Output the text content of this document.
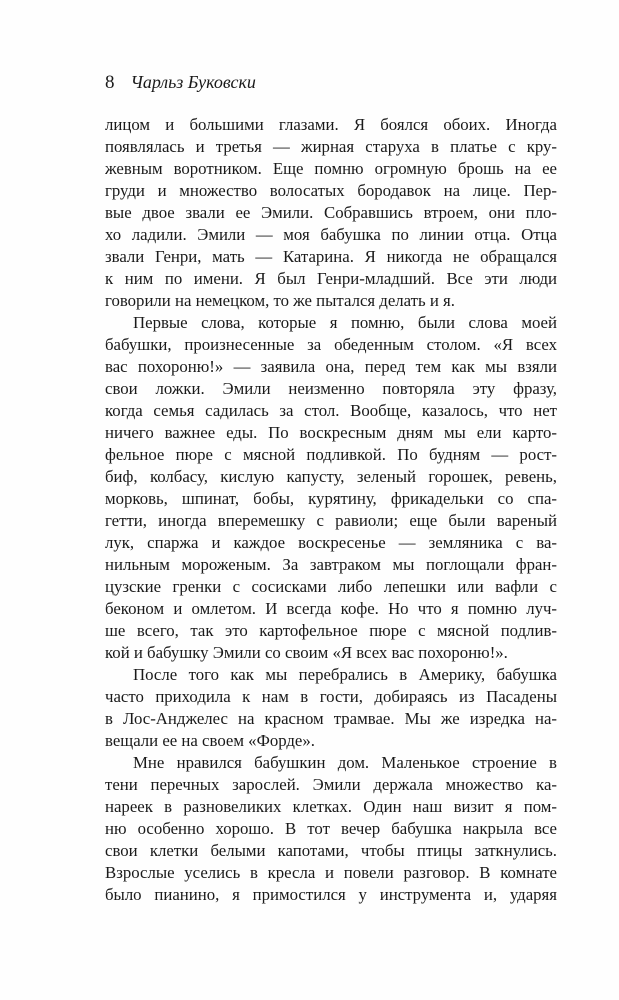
8 Чарльз Буковски
лицом и большими глазами. Я боялся обоих. Иногда
появлялась и третья — жирная старуха в платье с кру-
жевным воротником. Еще помню огромную брошь на ее
груди и множество волосатых бородавок на лице. Пер-
вые двое звали ее Эмили. Собравшись втроем, они пло-
хо ладили. Эмили — моя бабушка по линии отца. Отца
звали Генри, мать — Катарина. Я никогда не обращался
к ним по имени. Я был Генри-младший. Все эти люди
говорили на немецком, то же пытался делать и я.
Первые слова, которые я помню, были слова моей
бабушки, произнесенные за обеденным столом. «Я всех
вас похороню!» — заявила она, перед тем как мы взяли
свои ложки. Эмили неизменно повторяла эту фразу,
когда семья садилась за стол. Вообще, казалось, что нет
ничего важнее еды. По воскресным дням мы ели карто-
фельное пюре с мясной подливкой. По будням — рост-
биф, колбасу, кислую капусту, зеленый горошек, ревень,
морковь, шпинат, бобы, курятину, фрикадельки со спа-
гетти, иногда вперемешку с равиоли; еще были вареный
лук, спаржа и каждое воскресенье — земляника с ва-
нильным мороженым. За завтраком мы поглощали фран-
цузские гренки с сосисками либо лепешки или вафли с
беконом и омлетом. И всегда кофе. Но что я помню луч-
ше всего, так это картофельное пюре с мясной подлив-
кой и бабушку Эмили со своим «Я всех вас похороню!».
После того как мы перебрались в Америку, бабушка
часто приходила к нам в гости, добираясь из Пасадены
в Лос-Анджелес на красном трамвае. Мы же изредка на-
вещали ее на своем «Форде».
Мне нравился бабушкин дом. Маленькое строение в
тени перечных зарослей. Эмили держала множество ка-
нареек в разновеликих клетках. Один наш визит я пом-
ню особенно хорошо. В тот вечер бабушка накрыла все
свои клетки белыми капотами, чтобы птицы заткнулись.
Взрослые уселись в кресла и повели разговор. В комнате
было пианино, я примостился у инструмента и, ударяя
